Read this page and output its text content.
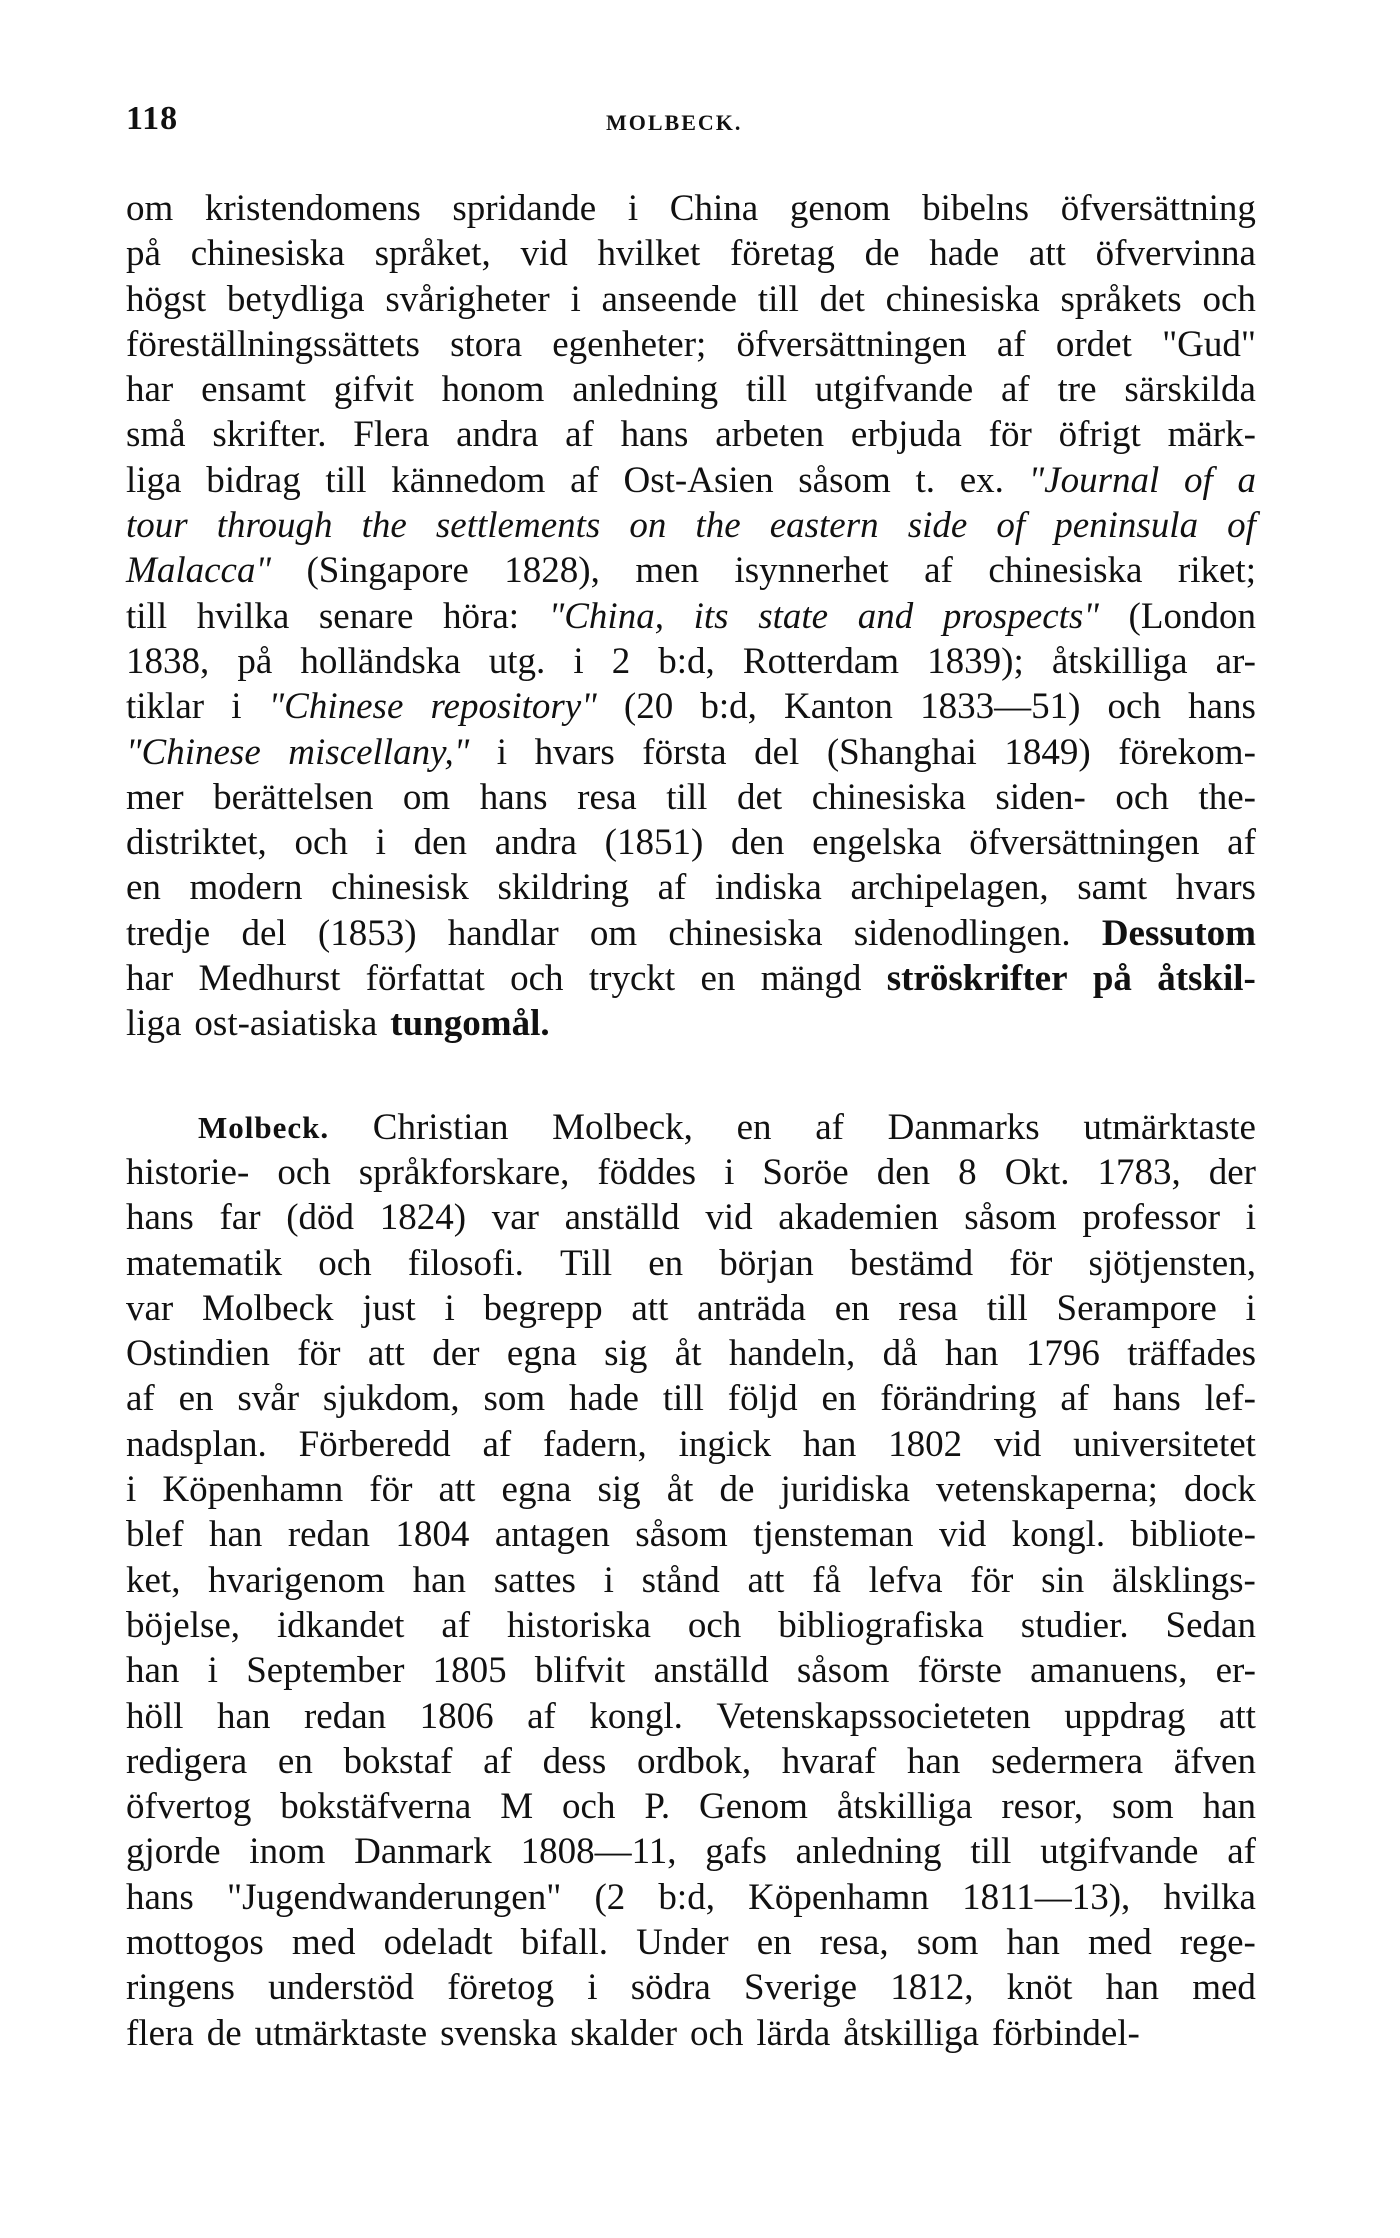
118	MOLBECK.
om kristendomens spridande i China genom bibelns öfversättning
på chinesiska språket, vid hvilket företag de hade att öfvervinna
högst betydliga svårigheter i anseende till det chinesiska språkets och
föreställningssättets stora egenheter; öfversättningen af ordet "Gud"
har ensamt gifvit honom anledning till utgifvande af tre särskilda
små skrifter. Flera andra af hans arbeten erbjuda för öfrigt märk-
liga bidrag till kännedom af Ost-Asien såsom t. ex. "Journal of a
tour through the settlements on the eastern side of peninsula of
Malacca" (Singapore 1828), men isynnerhet af chinesiska riket;
till hvilka senare höra: "China, its state and prospects" (London
1838, på holländska utg. i 2 b:d, Rotterdam 1839); åtskilliga ar-
tiklar i "Chinese repository" (20 b:d, Kanton 1833—51) och hans
"Chinese miscellany," i hvars första del (Shanghai 1849) förekom-
mer berättelsen om hans resa till det chinesiska siden- och the-
distriktet, och i den andra (1851) den engelska öfversättningen af
en modern chinesisk skildring af indiska archipelagen, samt hvars
tredje del (1853) handlar om chinesiska sidenodlingen. Dessutom
har Medhurst författat och tryckt en mängd ströskrifter på åtskil-
liga ost-asiatiska tungomål.
Molbeck. Christian Molbeck, en af Danmarks utmärktaste
historie- och språkforskare, föddes i Soröe den 8 Okt. 1783, der
hans far (död 1824) var anställd vid akademien såsom professor i
matematik och filosofi. Till en början bestämd för sjötjensten,
var Molbeck just i begrepp att anträda en resa till Serampore i
Ostindien för att der egna sig åt handeln, då han 1796 träffades
af en svår sjukdom, som hade till följd en förändring af hans lef-
nadsplan. Förberedd af fadern, ingick han 1802 vid universitetet
i Köpenhamn för att egna sig åt de juridiska vetenskaperna; dock
blef han redan 1804 antagen såsom tjensteman vid kongl. bibliote-
ket, hvarigenom han sattes i stånd att få lefva för sin älsklings-
böjelse, idkandet af historiska och bibliografiska studier. Sedan
han i September 1805 blifvit anställd såsom förste amanuens, er-
höll han redan 1806 af kongl. Vetenskapssocieteten uppdrag att
redigera en bokstaf af dess ordbok, hvaraf han sedermera äfven
öfvertog bokstäfverna M och P. Genom åtskilliga resor, som han
gjorde inom Danmark 1808—11, gafs anledning till utgifvande af
hans "Jugendwanderungen" (2 b:d, Köpenhamn 1811—13), hvilka
mottogos med odeladt bifall. Under en resa, som han med rege-
ringens understöd företog i södra Sverige 1812, knöt han med
flera de utmärktaste svenska skalder och lärda åtskilliga förbindel-
